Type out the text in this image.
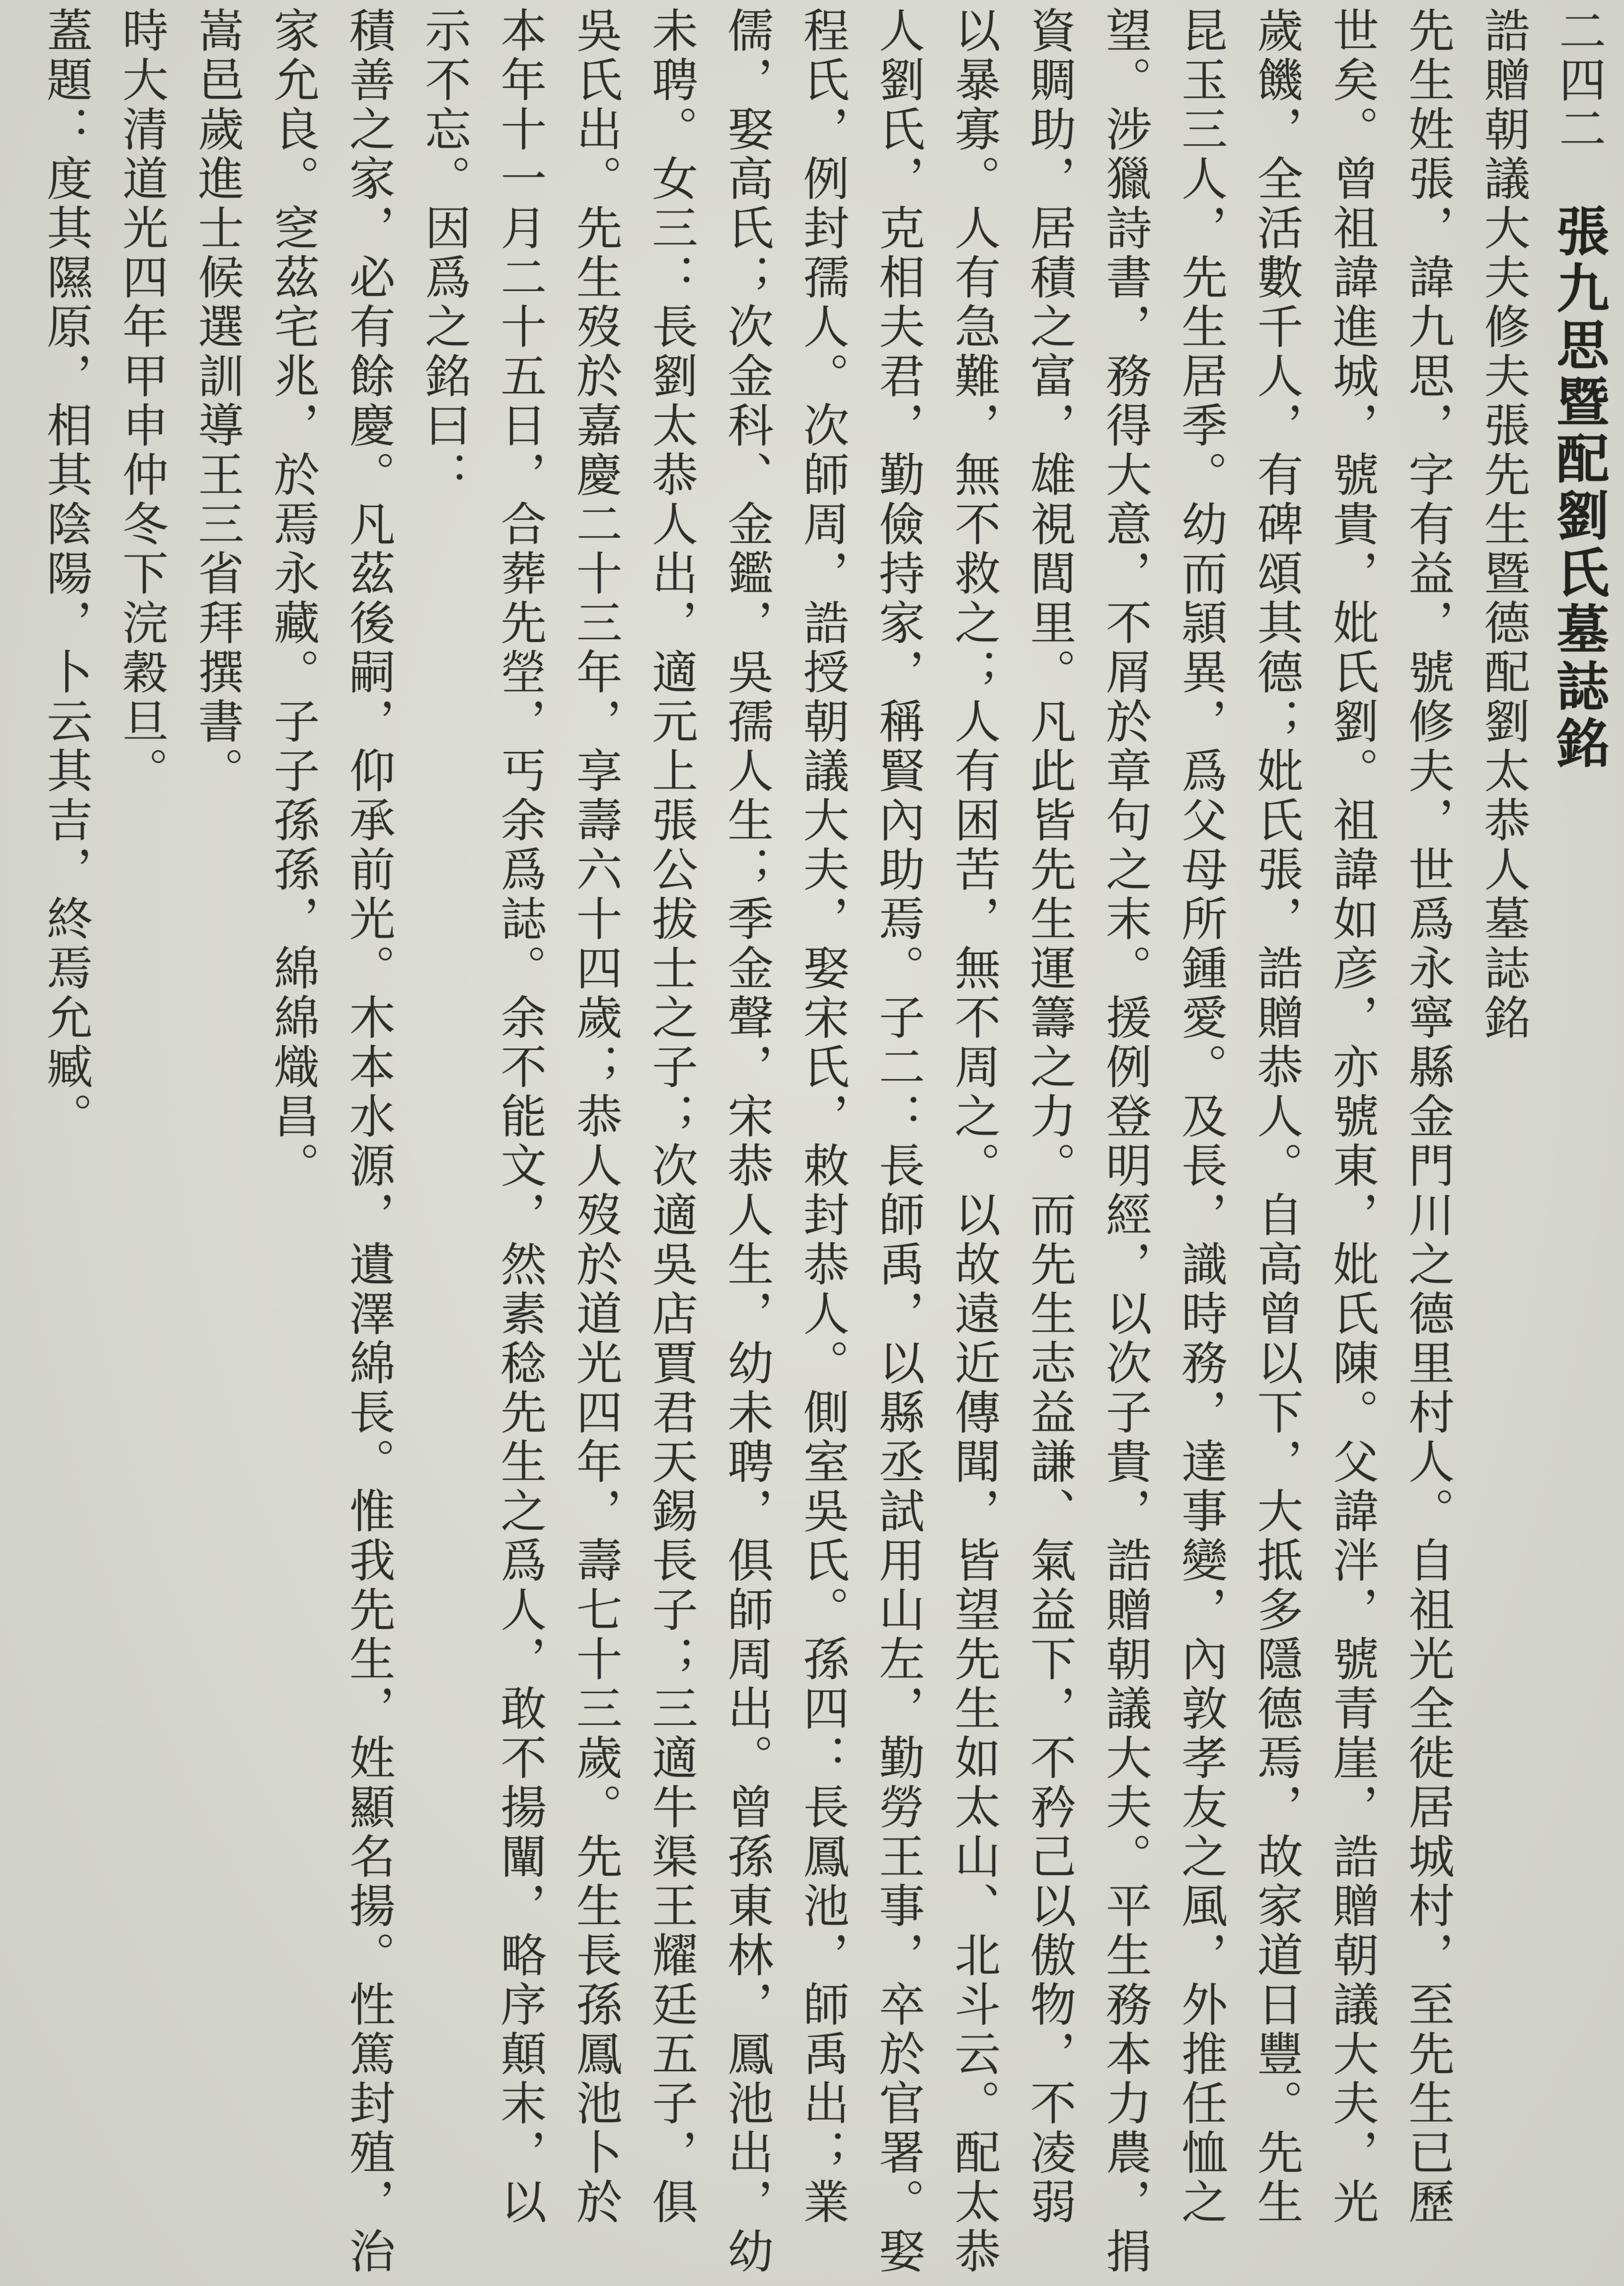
二四二
張九思暨配劉氏墓誌銘
誥贈朝議大夫修夫張先生暨德配劉太恭人墓誌銘
先生姓張，諱九思，字有益，號修夫，世爲永寧縣金門川之德里村人。自祖光全徙居城村，至先生已歷
世矣。曾祖諱進城，號貴，妣氏劉。祖諱如彦，亦號東，妣氏陳。父諱泮，號青崖，誥贈朝議大夫，光
歲饑，全活數千人，有碑頌其德；妣氏張，誥贈恭人。自高曾以下，大抵多隱德焉，故家道日豐。先生
昆玉三人，先生居季。幼而頴異，爲父母所鍾愛。及長，識時務，達事變，內敦孝友之風，外推任恤之
望。涉獵詩書，務得大意，不屑於章句之末。援例登明經，以次子貴，誥贈朝議大夫。平生務本力農，捐
資賙助，居積之富，雄視閭里。凡此皆先生運籌之力。而先生志益謙、氣益下，不矜己以傲物，不凌弱
以暴寡。人有急難，無不救之；人有困苦，無不周之。以故遠近傳聞，皆望先生如太山、北斗云。配太恭
人劉氏，克相夫君，勤儉持家，稱賢內助焉。子二：長師禹，以縣丞試用山左，勤勞王事，卒於官署。娶
程氏，例封孺人。次師周，誥授朝議大夫，娶宋氏，敕封恭人。側室吳氏。孫四：長鳳池，師禹出；業
儒，娶高氏；次金科、金鑑，吳孺人生；季金聲，宋恭人生，幼未聘，俱師周出。曾孫東林，鳳池出，幼
未聘。女三：長劉太恭人出，適元上張公拔士之子；次適吳店賈君天錫長子；三適牛渠王耀廷五子，俱
吳氏出。先生歿於嘉慶二十三年，享壽六十四歲；恭人歿於道光四年，壽七十三歲。先生長孫鳳池卜於
本年十一月二十五日，合葬先塋，丐余爲誌。余不能文，然素稔先生之爲人，敢不揚闡，略序顛末，以
示不忘。因爲之銘曰：
積善之家，必有餘慶。凡茲後嗣，仰承前光。木本水源，遺澤綿長。惟我先生，姓顯名揚。性篤封殖，治
家允良。窆茲宅兆，於焉永藏。子子孫孫，綿綿熾昌。
嵩邑歲進士候選訓導王三省拜撰書。
時大清道光四年甲申仲冬下浣穀旦。
蓋題：度其隰原，相其陰陽，卜云其吉，終焉允臧。
